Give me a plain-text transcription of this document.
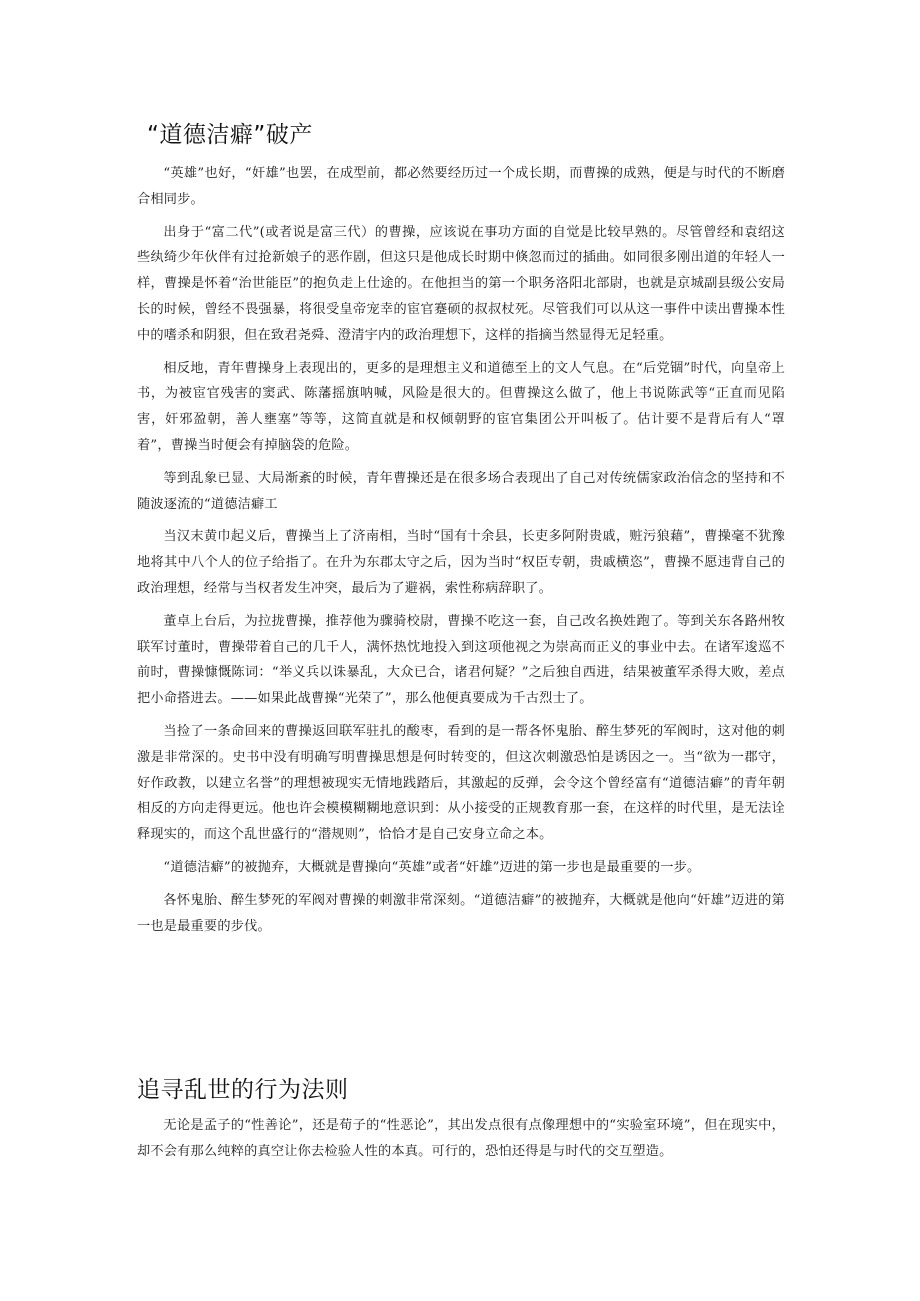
“道德洁癖”破产

“英雄”也好，“奸雄”也罢，在成型前，都必然要经历过一个成长期，而曹操的成熟，便是与时代的不断磨合相同步。

出身于“富二代”(或者说是富三代）的曹操，应该说在事功方面的自觉是比较早熟的。尽管曾经和袁绍这些纨绮少年伙伴有过抢新娘子的恶作剧，但这只是他成长时期中倏忽而过的插曲。如同很多刚出道的年轻人一样，曹操是怀着“治世能臣”的抱负走上仕途的。在他担当的第一个职务洛阳北部尉，也就是京城副县级公安局长的时候，曾经不畏强暴，将很受皇帝宠幸的宦官蹇硕的叔叔杖死。尽管我们可以从这一事件中读出曹操本性中的嗜杀和阴狠，但在致君尧舜、澄清宇内的政治理想下，这样的指摘当然显得无足轻重。

相反地，青年曹操身上表现出的，更多的是理想主义和道德至上的文人气息。在“后党锢”时代，向皇帝上书，为被宦官残害的窦武、陈藩摇旗呐喊，风险是很大的。但曹操这么做了，他上书说陈武等“正直而见陷害，奸邪盈朝，善人壅塞”等等，这简直就是和权倾朝野的宦官集团公开叫板了。估计要不是背后有人“罩着”，曹操当时便会有掉脑袋的危险。

等到乱象已显、大局渐紊的时候，青年曹操还是在很多场合表现出了自己对传统儒家政治信念的坚持和不随波逐流的“道德洁癖工

当汉末黄巾起义后，曹操当上了济南相，当时“国有十余县，长吏多阿附贵戚，赃污狼藉”，曹操毫不犹豫地将其中八个人的位子给指了。在升为东郡太守之后，因为当时“权臣专朝，贵戚横恣”，曹操不愿违背自己的政治理想，经常与当权者发生冲突，最后为了避祸，索性称病辞职了。

董卓上台后，为拉拢曹操，推荐他为骤骑校尉，曹操不吃这一套，自己改名换姓跑了。等到关东各路州牧联军讨董时，曹操带着自己的几千人，满怀热忱地投入到这项他视之为崇高而正义的事业中去。在诸军逡巡不前时，曹操慷慨陈词：“举义兵以诛暴乱，大众已合，诸君何疑？”之后独自西进，结果被董军杀得大败，差点把小命搭进去。——如果此战曹操“光荣了”，那么他便真要成为千古烈士了。

当捡了一条命回来的曹操返回联军驻扎的酸枣，看到的是一帮各怀鬼胎、醉生梦死的军阀时，这对他的刺激是非常深的。史书中没有明确写明曹操思想是何时转变的，但这次刺激恐怕是诱因之一。当“欲为一郡守，好作政教，以建立名誉”的理想被现实无情地践踏后，其激起的反弹，会令这个曾经富有“道德洁癖”的青年朝相反的方向走得更远。他也许会模模糊糊地意识到：从小接受的正规教育那一套，在这样的时代里，是无法诠释现实的，而这个乱世盛行的“潜规则”，恰恰才是自己安身立命之本。

“道德洁癖”的被抛弃，大概就是曹操向“英雄”或者“奸雄”迈进的第一步也是最重要的一步。

各怀鬼胎、醉生梦死的军阀对曹操的刺激非常深刻。“道德洁癖”的被抛弃，大概就是他向“奸雄”迈进的第一也是最重要的步伐。

追寻乱世的行为法则

无论是孟子的“性善论”，还是荀子的“性恶论”，其出发点很有点像理想中的“实验室环境”，但在现实中，却不会有那么纯粹的真空让你去检验人性的本真。可行的，恐怕还得是与时代的交互塑造。
